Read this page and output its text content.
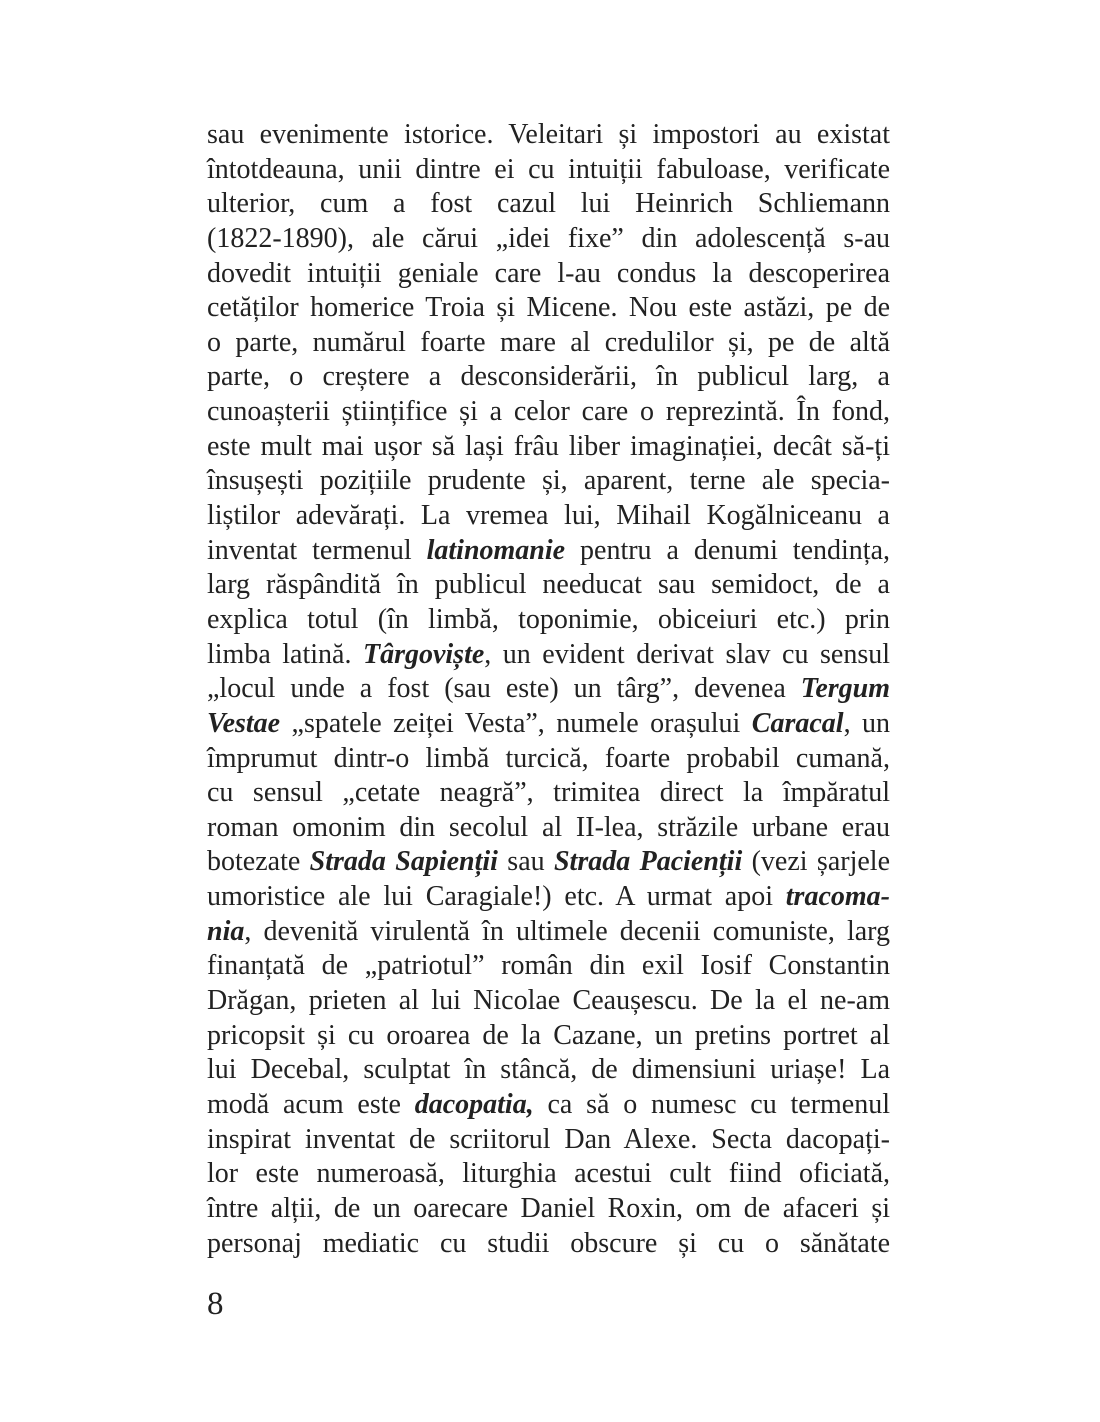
sau evenimente istorice. Veleitari și impostori au existat
întotdeauna, unii dintre ei cu intuiții fabuloase, verificate
ulterior, cum a fost cazul lui Heinrich Schliemann
(1822-1890), ale cărui „idei fixe” din adolescență s-au
dovedit intuiții geniale care l-au condus la descoperirea
cetăților homerice Troia și Micene. Nou este astăzi, pe de
o parte, numărul foarte mare al credulilor și, pe de altă
parte, o creștere a desconsiderării, în publicul larg, a
cunoașterii științifice și a celor care o reprezintă. În fond,
este mult mai ușor să lași frâu liber imaginației, decât să-ți
însușești pozițiile prudente și, aparent, terne ale specia-
liștilor adevărați. La vremea lui, Mihail Kogălniceanu a
inventat termenul latinomanie pentru a denumi tendința,
larg răspândită în publicul needucat sau semidoct, de a
explica totul (în limbă, toponimie, obiceiuri etc.) prin
limba latină. Târgoviște, un evident derivat slav cu sensul
„locul unde a fost (sau este) un târg”, devenea Tergum
Vestae „spatele zeiței Vesta”, numele orașului Caracal, un
împrumut dintr-o limbă turcică, foarte probabil cumană,
cu sensul „cetate neagră”, trimitea direct la împăratul
roman omonim din secolul al II-lea, străzile urbane erau
botezate Strada Sapienții sau Strada Pacienții (vezi șarjele
umoristice ale lui Caragiale!) etc. A urmat apoi tracoma-
nia, devenită virulentă în ultimele decenii comuniste, larg
finanțată de „patriotul” român din exil Iosif Constantin
Drăgan, prieten al lui Nicolae Ceaușescu. De la el ne-am
pricopsit și cu oroarea de la Cazane, un pretins portret al
lui Decebal, sculptat în stâncă, de dimensiuni uriașe! La
modă acum este dacopatia, ca să o numesc cu termenul
inspirat inventat de scriitorul Dan Alexe. Secta dacopați-
lor este numeroasă, liturghia acestui cult fiind oficiată,
între alții, de un oarecare Daniel Roxin, om de afaceri și
personaj mediatic cu studii obscure și cu o sănătate
8
